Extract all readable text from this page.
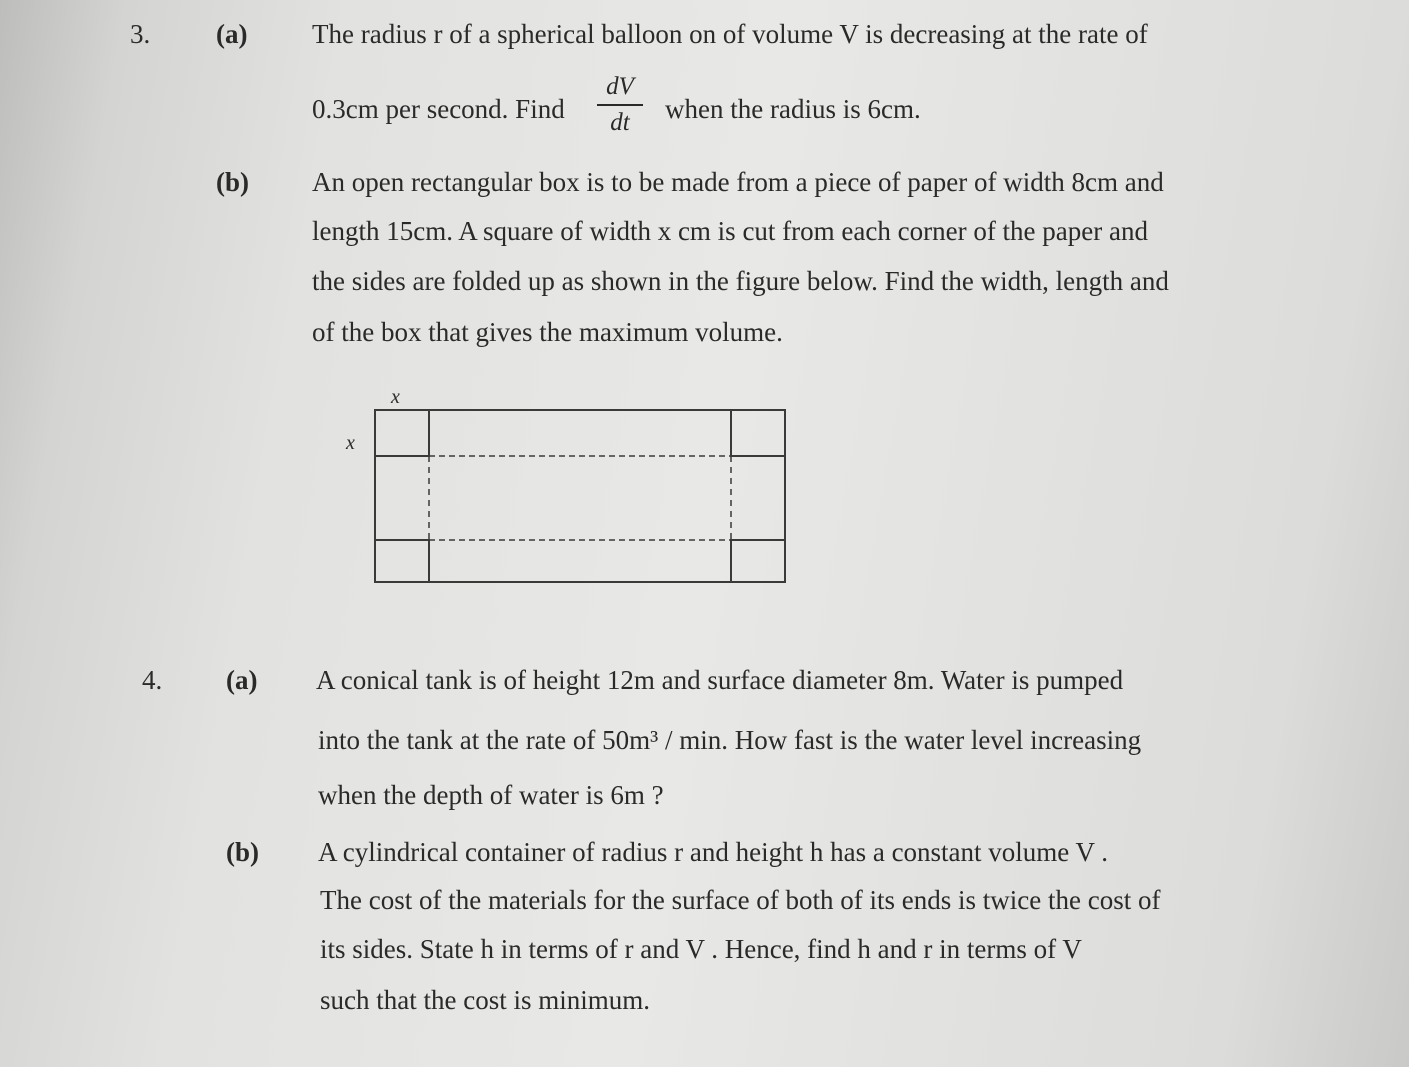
3. (a) The radius r of a spherical balloon on of volume V is decreasing at the rate of

0.3cm per second. Find

dV
dt	when the radius is 6cm.

(b) An open rectangular box is to be made from a piece of paper of width 8cm and

length 15cm. A square of width x cm is cut from each corner of the paper and

the sides are folded up as shown in the figure below. Find the width, length and

of the box that gives the maximum volume.

x
x

4. (a) A conical tank is of height 12m and surface diameter 8m. Water is pumped

into the tank at the rate of 50m³ / min. How fast is the water level increasing

when the depth of water is 6m ?

(b) A cylindrical container of radius r and height h has a constant volume V .

The cost of the materials for the surface of both of its ends is twice the cost of

its sides. State h in terms of r and V . Hence, find h and r in terms of V

such that the cost is minimum.
